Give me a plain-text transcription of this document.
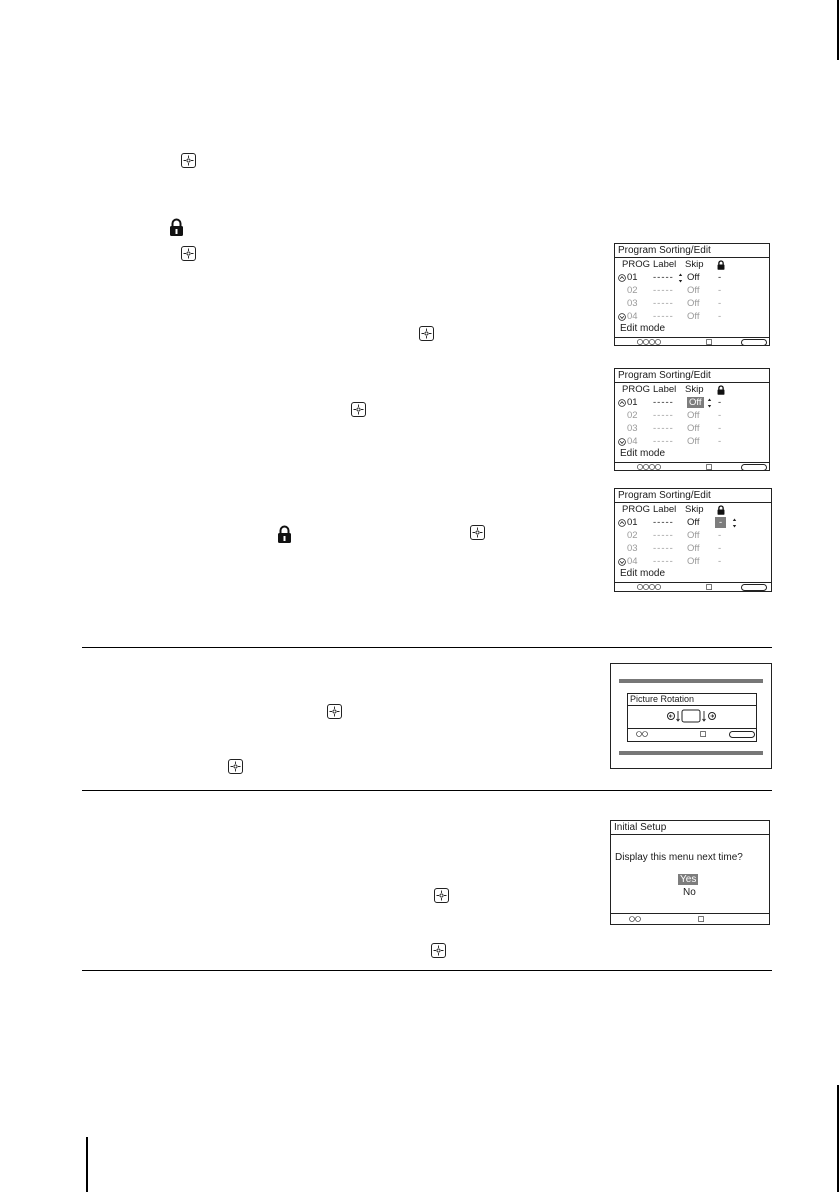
Program Sorting/Edit
PROG Label Skip
01 ----- Off -
02 ----- Off -
03 ----- Off -
04 ----- Off -
Edit mode
Program Sorting/Edit
PROG Label Skip
01 ----- Off -
02 ----- Off -
03 ----- Off -
04 ----- Off -
Edit mode
Program Sorting/Edit
PROG Label Skip
01 ----- Off	-
02 ----- Off -
03 ----- Off -
04 ----- Off -
Edit mode
Picture Rotation
Initial Setup
Display this menu next time?
Yes
No
